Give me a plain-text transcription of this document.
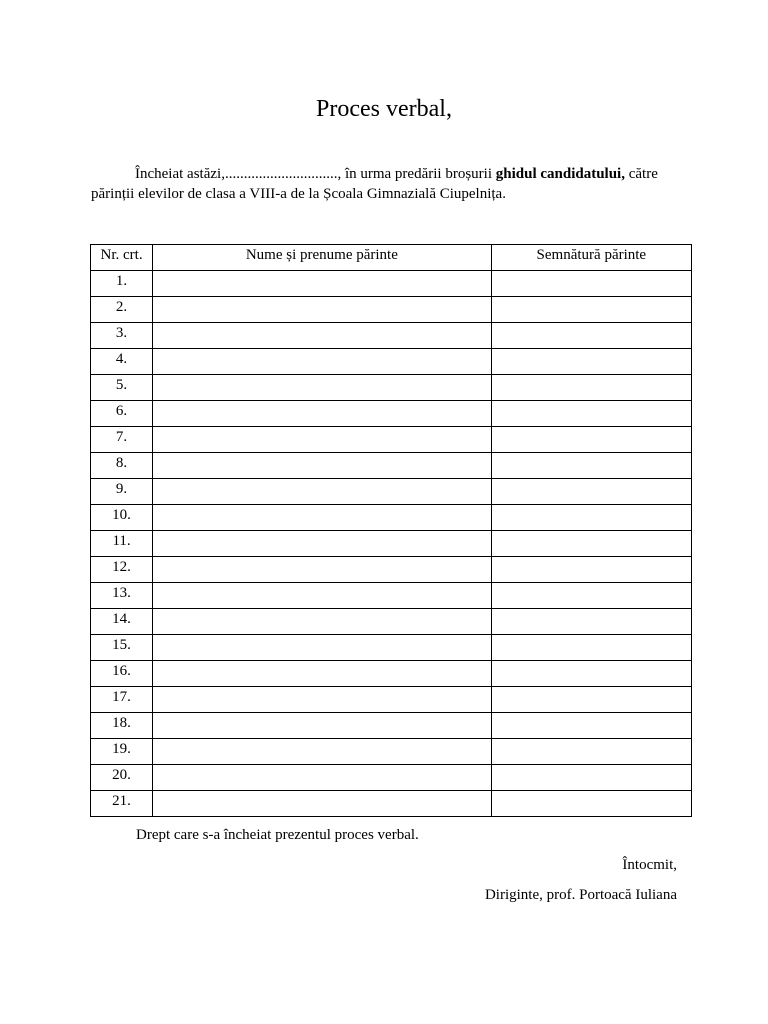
Proces verbal,
Încheiat astăzi,.............................., în urma predării broșurii ghidul candidatului, către
părinții elevilor de clasa a VIII-a de la Școala Gimnazială Ciupelnița.
Nr. crt.	Nume și prenume părinte	Semnătură părinte
1.		
2.		
3.		
4.		
5.		
6.		
7.		
8.		
9.		
10.		
11.		
12.		
13.		
14.		
15.		
16.		
17.		
18.		
19.		
20.		
21.		
Drept care s-a încheiat prezentul proces verbal.
Întocmit,
Diriginte, prof. Portoacă Iuliana
